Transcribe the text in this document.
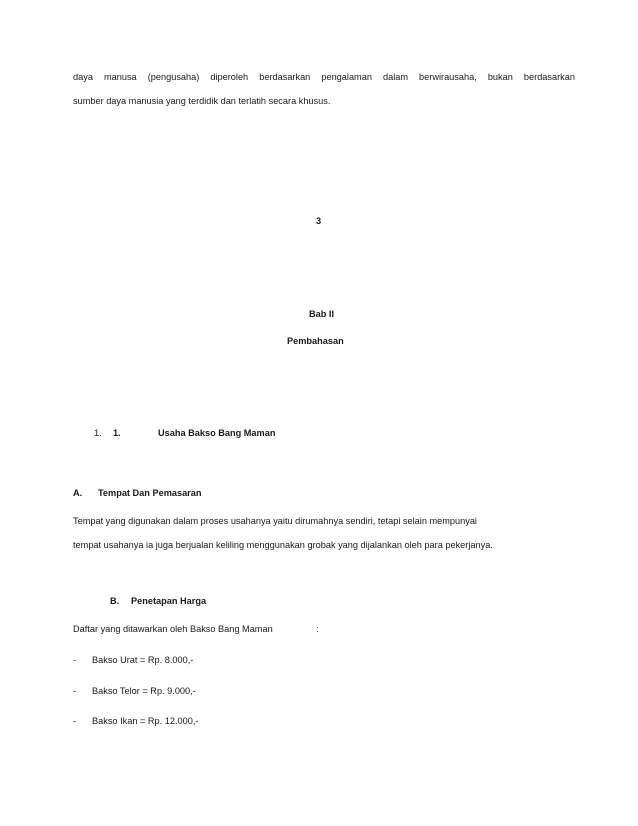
daya manusa (pengusaha) diperoleh berdasarkan pengalaman dalam berwirausaha, bukan berdasarkan
sumber daya manusia yang terdidik dan terlatih secara khusus.
3
Bab II
Pembahasan
1. 1.	Usaha Bakso Bang Maman
A. Tempat Dan Pemasaran
Tempat yang digunakan dalam proses usahanya yaitu dirumahnya sendiri, tetapi selain mempunyai
tempat usahanya ia juga berjualan keliling menggunakan grobak yang dijalankan oleh para pekerjanya.
B. Penetapan Harga
Daftar yang ditawarkan oleh Bakso Bang Maman	:
- Bakso Urat = Rp. 8.000,-
- Bakso Telor = Rp. 9.000,-
- Bakso Ikan = Rp. 12.000,-
